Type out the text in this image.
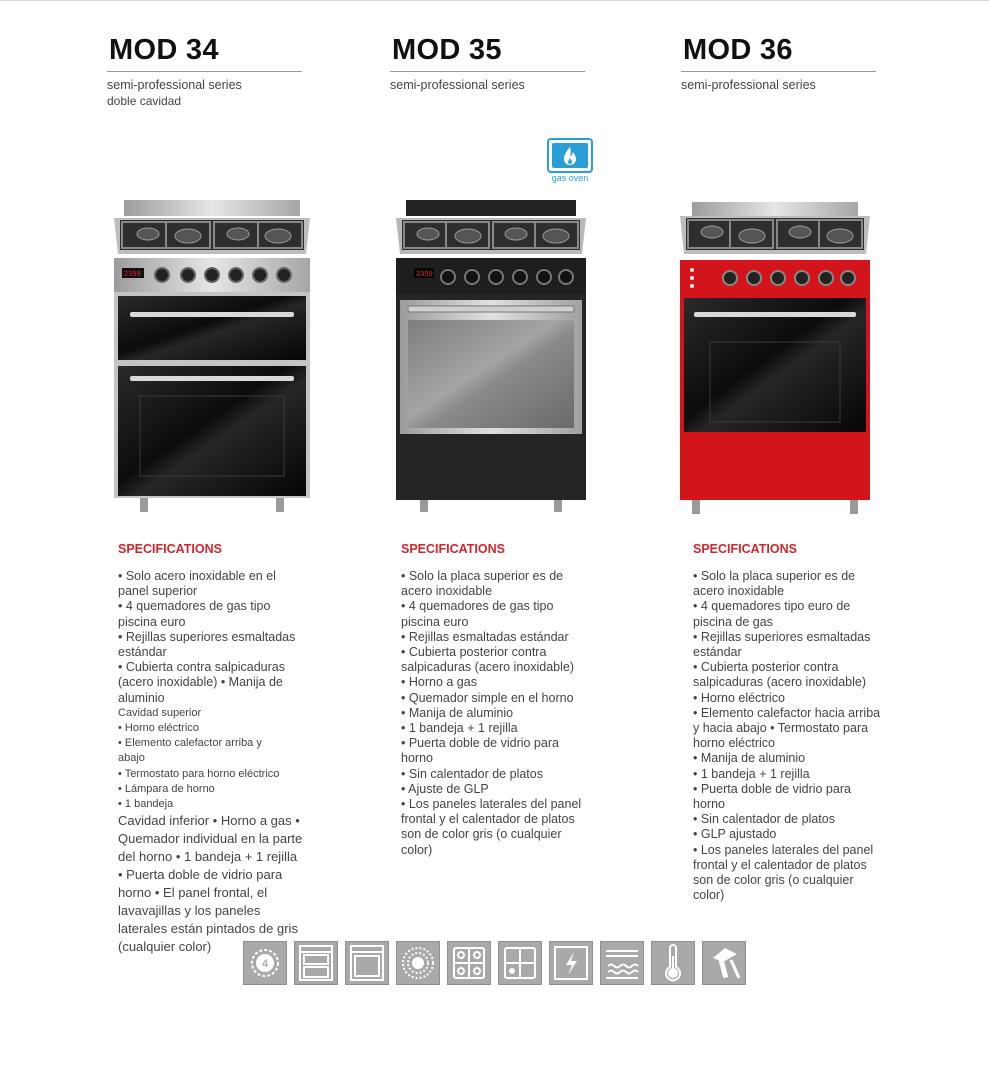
MOD 34
semi-professional series
doble cavidad
SPECIFICATIONS
• Solo acero inoxidable en el
panel superior
• 4 quemadores de gas tipo
piscina euro
• Rejillas superiores esmaltadas
estándar
• Cubierta contra salpicaduras
(acero inoxidable) • Manija de
aluminio
Cavidad superior
• Horno eléctrico
• Elemento calefactor arriba y
abajo
• Termostato para horno eléctrico
• Lámpara de horno
• 1 bandeja
Cavidad inferior • Horno a gas •
Quemador individual en la parte
del horno • 1 bandeja + 1 rejilla
• Puerta doble de vidrio para
horno • El panel frontal, el
lavavajillas y los paneles
laterales están pintados de gris
(cualquier color)
MOD 35
semi-professional series
SPECIFICATIONS
• Solo la placa superior es de
acero inoxidable
• 4 quemadores de gas tipo
piscina euro
• Rejillas esmaltadas estándar
• Cubierta posterior contra
salpicaduras (acero inoxidable)
• Horno a gas
• Quemador simple en el horno
• Manija de aluminio
• 1 bandeja + 1 rejilla
• Puerta doble de vidrio para
horno
• Sin calentador de platos
• Ajuste de GLP
• Los paneles laterales del panel
frontal y el calentador de platos
son de color gris (o cualquier
color)
MOD 36
semi-professional series
SPECIFICATIONS
• Solo la placa superior es de
acero inoxidable
• 4 quemadores tipo euro de
piscina de gas
• Rejillas superiores esmaltadas
estándar
• Cubierta posterior contra
salpicaduras (acero inoxidable)
• Horno eléctrico
• Elemento calefactor hacia arriba
y hacia abajo • Termostato para
horno eléctrico
• Manija de aluminio
• 1 bandeja + 1 rejilla
• Puerta doble de vidrio para
horno
• Sin calentador de platos
• GLP ajustado
• Los paneles laterales del panel
frontal y el calentador de platos
son de color gris (o cualquier
color)
gas oven
2359	2359
4
